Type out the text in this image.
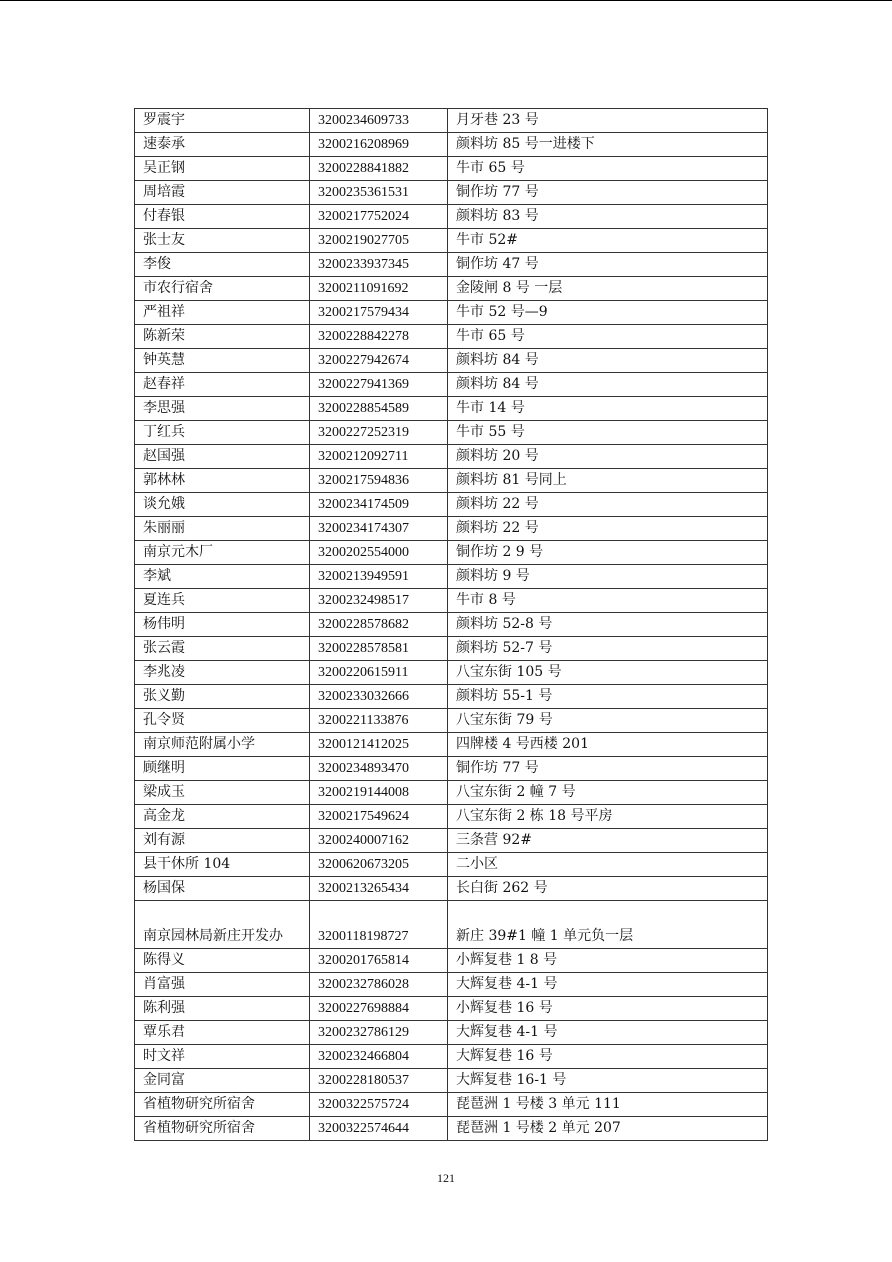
罗震宇	3200234609733	月牙巷 23 号
速泰承	3200216208969	颜料坊 85 号一进楼下
吴正钢	3200228841882	牛市 65 号
周培霞	3200235361531	铜作坊 77 号
付春银	3200217752024	颜料坊 83 号
张士友	3200219027705	牛市 52#
李俊	3200233937345	铜作坊 47 号
市农行宿舍	3200211091692	金陵闸 8 号 一层
严祖祥	3200217579434	牛市 52 号—9
陈新荣	3200228842278	牛市 65 号
钟英慧	3200227942674	颜料坊 84 号
赵春祥	3200227941369	颜料坊 84 号
李思强	3200228854589	牛市 14 号
丁红兵	3200227252319	牛市 55 号
赵国强	3200212092711	颜料坊 20 号
郭林林	3200217594836	颜料坊 81 号同上
谈允娥	3200234174509	颜料坊 22 号
朱丽丽	3200234174307	颜料坊 22 号
南京元木厂	3200202554000	铜作坊 2 9 号
李斌	3200213949591	颜料坊 9 号
夏连兵	3200232498517	牛市 8 号
杨伟明	3200228578682	颜料坊 52-8 号
张云霞	3200228578581	颜料坊 52-7 号
李兆凌	3200220615911	八宝东街 105 号
张义勤	3200233032666	颜料坊 55-1 号
孔令贤	3200221133876	八宝东街 79 号
南京师范附属小学	3200121412025	四牌楼 4 号西楼 201
顾继明	3200234893470	铜作坊 77 号
梁成玉	3200219144008	八宝东街 2 幢 7 号
高金龙	3200217549624	八宝东街 2 栋 18 号平房
刘有源	3200240007162	三条营 92#
县干休所 104	3200620673205	二小区
杨国保	3200213265434	长白街 262 号
南京园林局新庄开发办	3200118198727	新庄 39#1 幢 1 单元负一层
陈得义	3200201765814	小辉复巷 1 8 号
肖富强	3200232786028	大辉复巷 4-1 号
陈利强	3200227698884	小辉复巷 16 号
覃乐君	3200232786129	大辉复巷 4-1 号
时文祥	3200232466804	大辉复巷 16 号
金同富	3200228180537	大辉复巷 16-1 号
省植物研究所宿舍	3200322575724	琵琶洲 1 号楼 3 单元 111
省植物研究所宿舍	3200322574644	琵琶洲 1 号楼 2 单元 207
121
